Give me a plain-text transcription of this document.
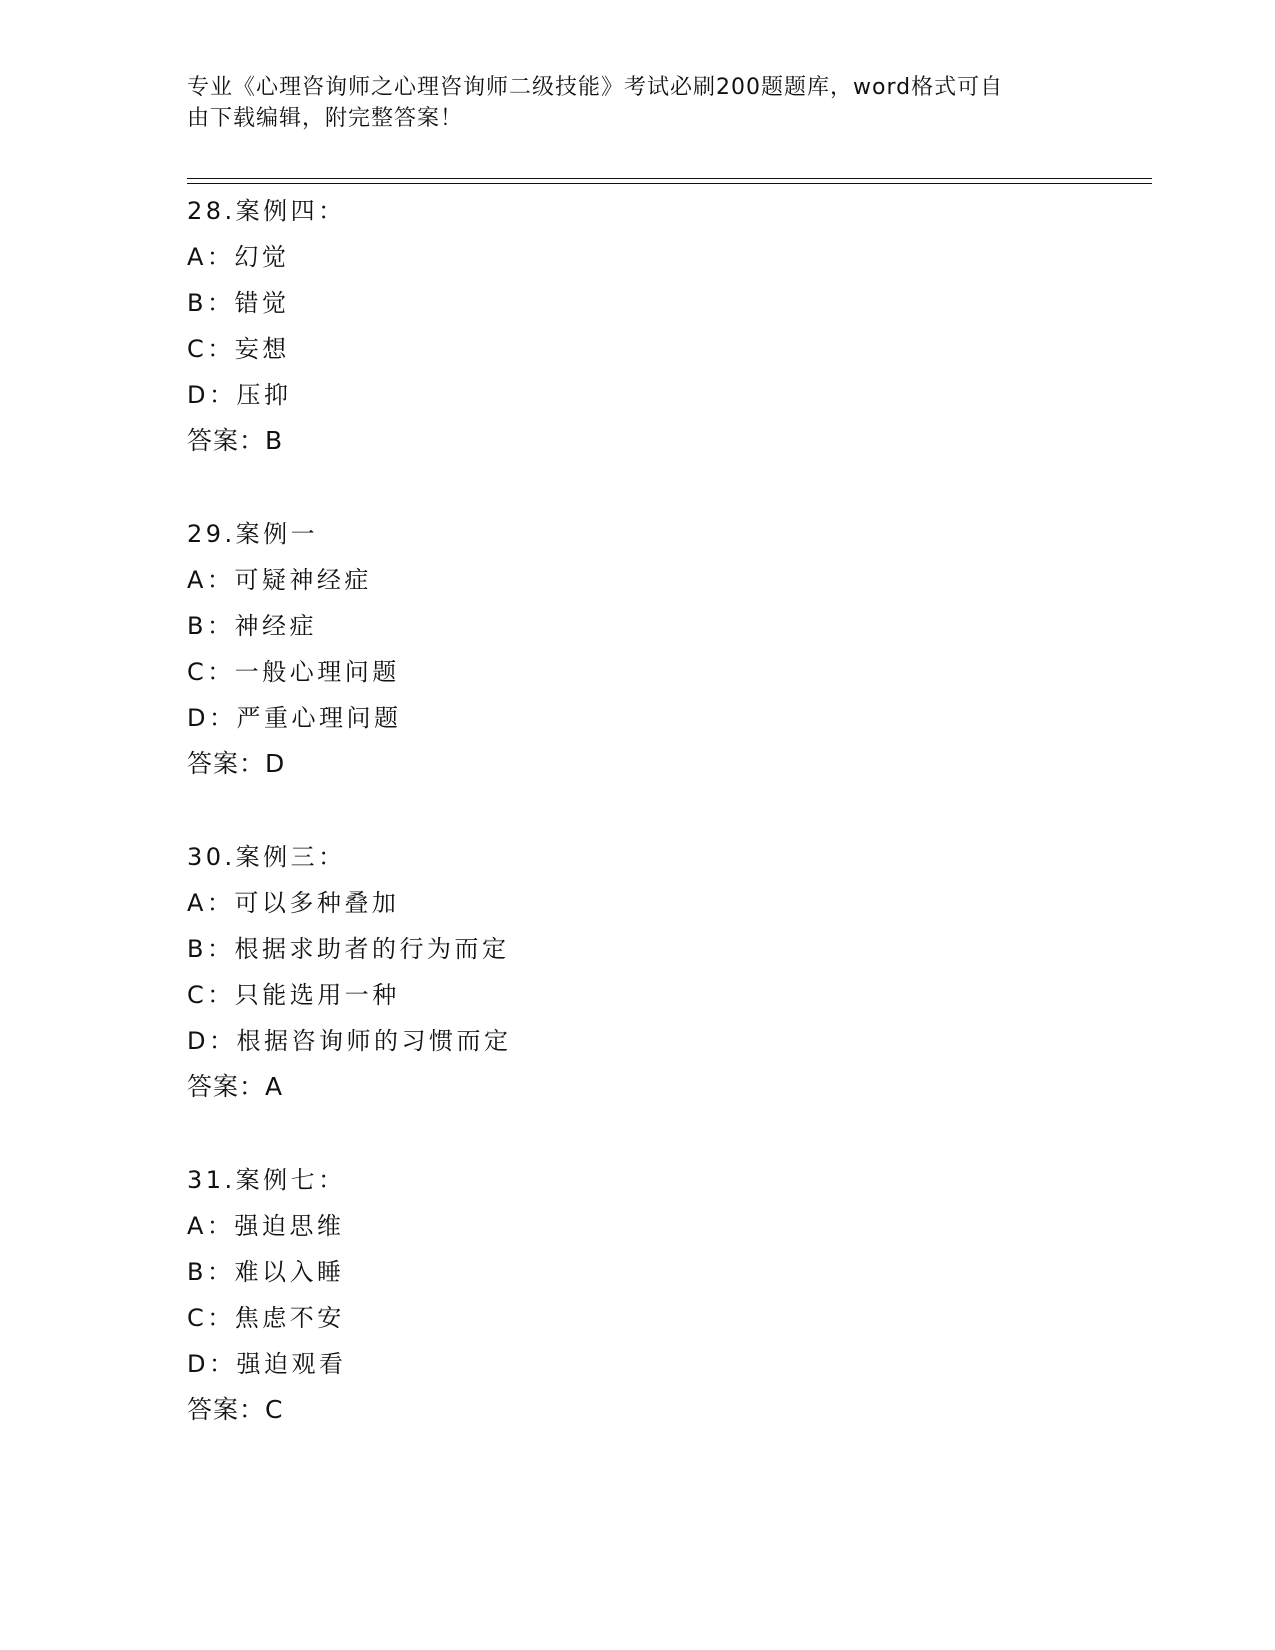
专业《心理咨询师之心理咨询师二级技能》考试必刷200题题库，word格式可自
由下载编辑，附完整答案！
28.案例四：
A：幻觉
B：错觉
C：妄想
D：压抑
答案：B
29.案例一
A：可疑神经症
B：神经症
C：一般心理问题
D：严重心理问题
答案：D
30.案例三：
A：可以多种叠加
B：根据求助者的行为而定
C：只能选用一种
D：根据咨询师的习惯而定
答案：A
31.案例七：
A：强迫思维
B：难以入睡
C：焦虑不安
D：强迫观看
答案：C
